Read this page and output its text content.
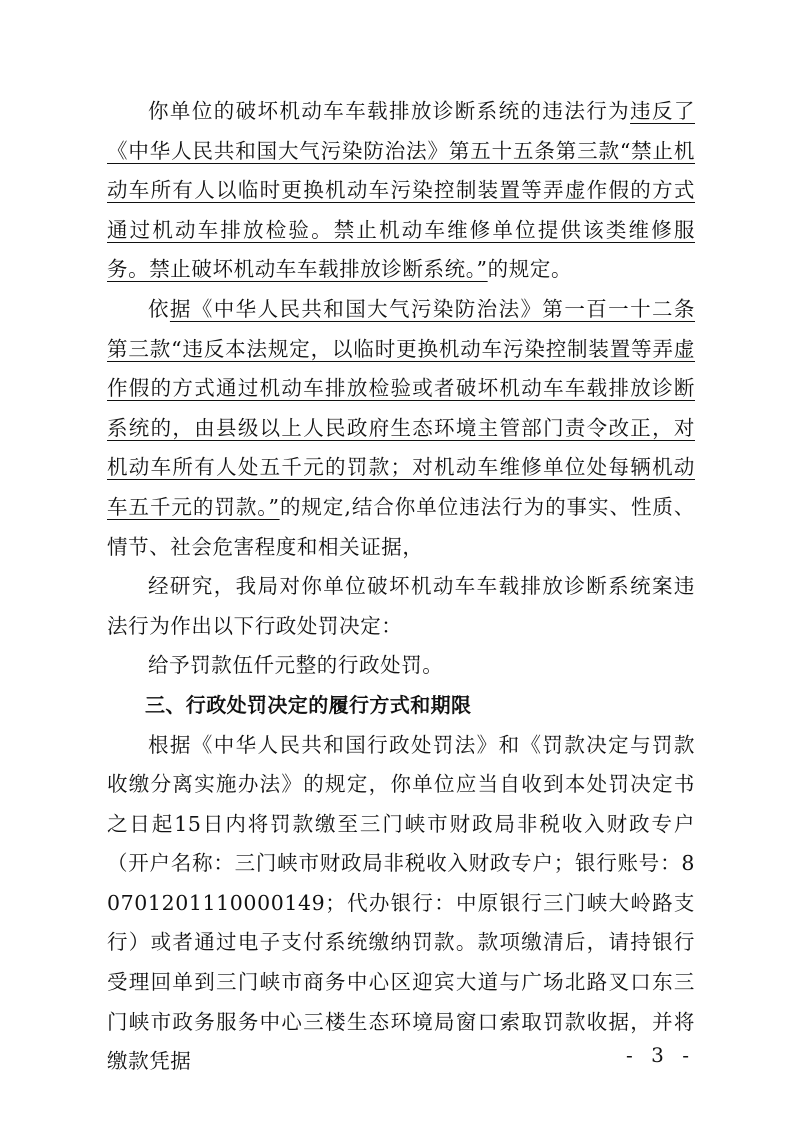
你单位的破坏机动车车载排放诊断系统的违法行为违反了《中华人民共和国大气污染防治法》第五十五条第三款“禁止机动车所有人以临时更换机动车污染控制装置等弄虚作假的方式通过机动车排放检验。禁止机动车维修单位提供该类维修服务。禁止破坏机动车车载排放诊断系统。”的规定。

依据《中华人民共和国大气污染防治法》第一百一十二条第三款“违反本法规定，以临时更换机动车污染控制装置等弄虚作假的方式通过机动车排放检验或者破坏机动车车载排放诊断系统的，由县级以上人民政府生态环境主管部门责令改正，对机动车所有人处五千元的罚款；对机动车维修单位处每辆机动车五千元的罚款。”的规定,结合你单位违法行为的事实、性质、情节、社会危害程度和相关证据，

经研究，我局对你单位破坏机动车车载排放诊断系统案违法行为作出以下行政处罚决定：

给予罚款伍仟元整的行政处罚。

三、行政处罚决定的履行方式和期限

根据《中华人民共和国行政处罚法》和《罚款决定与罚款收缴分离实施办法》的规定，你单位应当自收到本处罚决定书之日起15日内将罚款缴至三门峡市财政局非税收入财政专户（开户名称：三门峡市财政局非税收入财政专户；银行账号：80701201110000149；代办银行：中原银行三门峡大岭路支行）或者通过电子支付系统缴纳罚款。款项缴清后，请持银行受理回单到三门峡市商务中心区迎宾大道与广场北路叉口东三门峡市政务服务中心三楼生态环境局窗口索取罚款收据，并将缴款凭据	- 3 -
